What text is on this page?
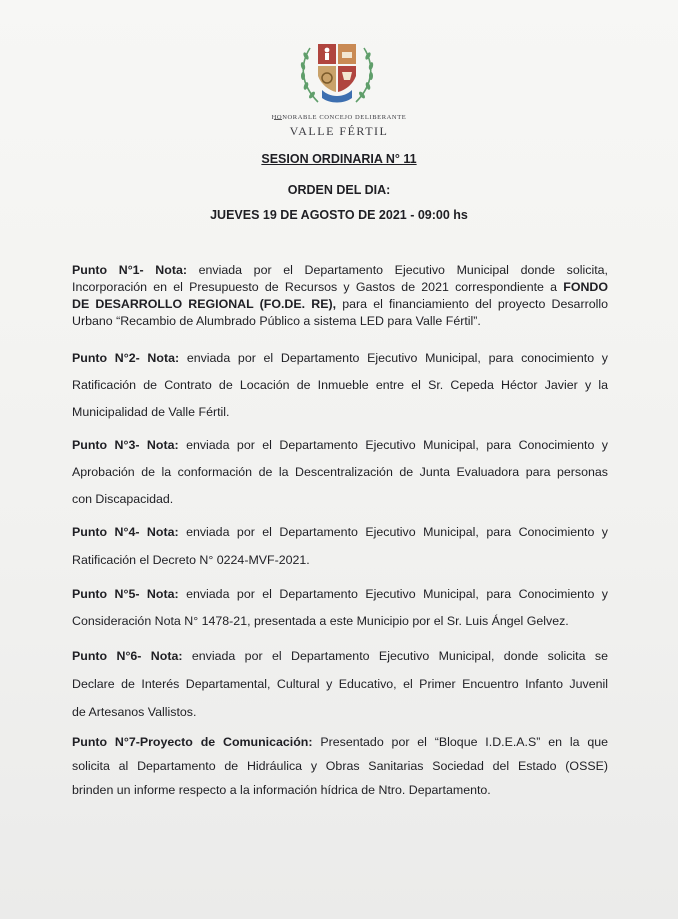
HONORABLE CONCEJO DELIBERANTE
VALLE FÉRTIL
SESION ORDINARIA N° 11
ORDEN DEL DIA:
JUEVES 19 DE AGOSTO DE 2021 - 09:00 hs
Punto N°1- Nota: enviada por el Departamento Ejecutivo Municipal donde solicita,
Incorporación en el Presupuesto de Recursos y Gastos de 2021 correspondiente a FONDO
DE DESARROLLO REGIONAL (FO.DE. RE), para el financiamiento del proyecto Desarrollo
Urbano “Recambio de Alumbrado Público a sistema LED para Valle Fértil”.
Punto N°2- Nota: enviada por el Departamento Ejecutivo Municipal, para conocimiento y
Ratificación de Contrato de Locación de Inmueble entre el Sr. Cepeda Héctor Javier y la
Municipalidad de Valle Fértil.
Punto N°3- Nota: enviada por el Departamento Ejecutivo Municipal, para Conocimiento y
Aprobación de la conformación de la Descentralización de Junta Evaluadora para personas
con Discapacidad.
Punto N°4- Nota: enviada por el Departamento Ejecutivo Municipal, para Conocimiento y
Ratificación el Decreto N° 0224-MVF-2021.
Punto N°5- Nota: enviada por el Departamento Ejecutivo Municipal, para Conocimiento y
Consideración Nota N° 1478-21, presentada a este Municipio por el Sr. Luis Ángel Gelvez.
Punto N°6- Nota: enviada por el Departamento Ejecutivo Municipal, donde solicita se
Declare de Interés Departamental, Cultural y Educativo, el Primer Encuentro Infanto Juvenil
de Artesanos Vallistos.
Punto N°7-Proyecto de Comunicación: Presentado por el “Bloque I.D.E.A.S” en la que
solicita al Departamento de Hidráulica y Obras Sanitarias Sociedad del Estado (OSSE)
brinden un informe respecto a la información hídrica de Ntro. Departamento.
